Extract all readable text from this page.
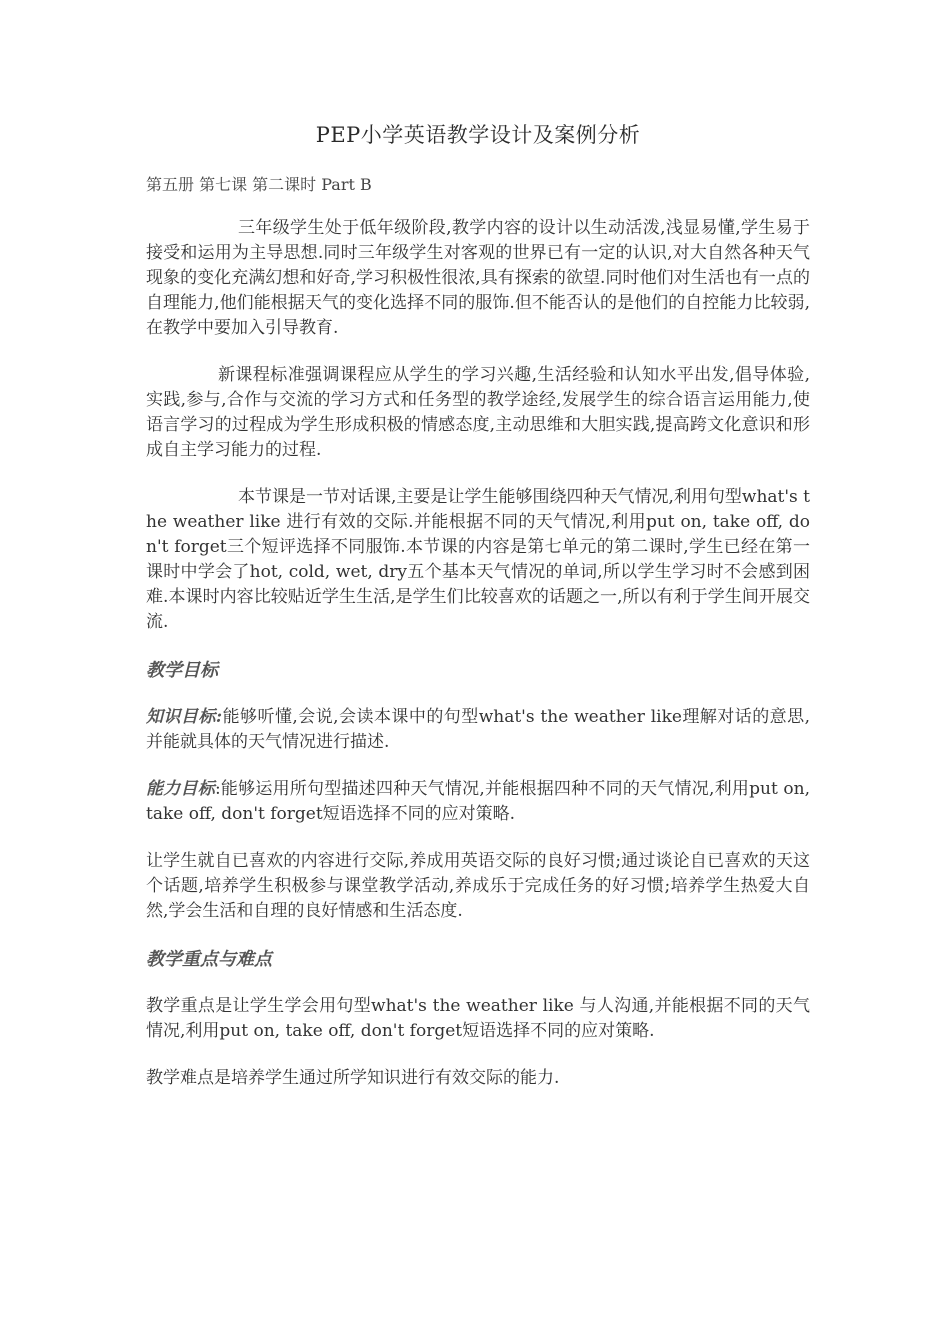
PEP小学英语教学设计及案例分析
第五册 第七课 第二课时 Part B

三年级学生处于低年级阶段,教学内容的设计以生动活泼,浅显易懂,学生易于接受和运用为主导思想.同时三年级学生对客观的世界已有一定的认识,对大自然各种天气现象的变化充满幻想和好奇,学习积极性很浓,具有探索的欲望.同时他们对生活也有一点的自理能力,他们能根据天气的变化选择不同的服饰.但不能否认的是他们的自控能力比较弱,在教学中要加入引导教育.

新课程标准强调课程应从学生的学习兴趣,生活经验和认知水平出发,倡导体验,实践,参与,合作与交流的学习方式和任务型的教学途经,发展学生的综合语言运用能力,使语言学习的过程成为学生形成积极的情感态度,主动思维和大胆实践,提高跨文化意识和形成自主学习能力的过程.

本节课是一节对话课,主要是让学生能够围绕四种天气情况,利用句型what's the weather like 进行有效的交际.并能根据不同的天气情况,利用put on, take off, don't forget三个短评选择不同服饰.本节课的内容是第七单元的第二课时,学生已经在第一课时中学会了hot, cold, wet, dry五个基本天气情况的单词,所以学生学习时不会感到困难.本课时内容比较贴近学生生活,是学生们比较喜欢的话题之一,所以有利于学生间开展交流.

教学目标

知识目标:能够听懂,会说,会读本课中的句型what's the weather like理解对话的意思,并能就具体的天气情况进行描述.

能力目标:能够运用所句型描述四种天气情况,并能根据四种不同的天气情况,利用put on, take off, don't forget短语选择不同的应对策略.

让学生就自已喜欢的内容进行交际,养成用英语交际的良好习惯;通过谈论自已喜欢的天这个话题,培养学生积极参与课堂教学活动,养成乐于完成任务的好习惯;培养学生热爱大自然,学会生活和自理的良好情感和生活态度.

教学重点与难点

教学重点是让学生学会用句型what's the weather like 与人沟通,并能根据不同的天气情况,利用put on, take off, don't forget短语选择不同的应对策略.

教学难点是培养学生通过所学知识进行有效交际的能力.
